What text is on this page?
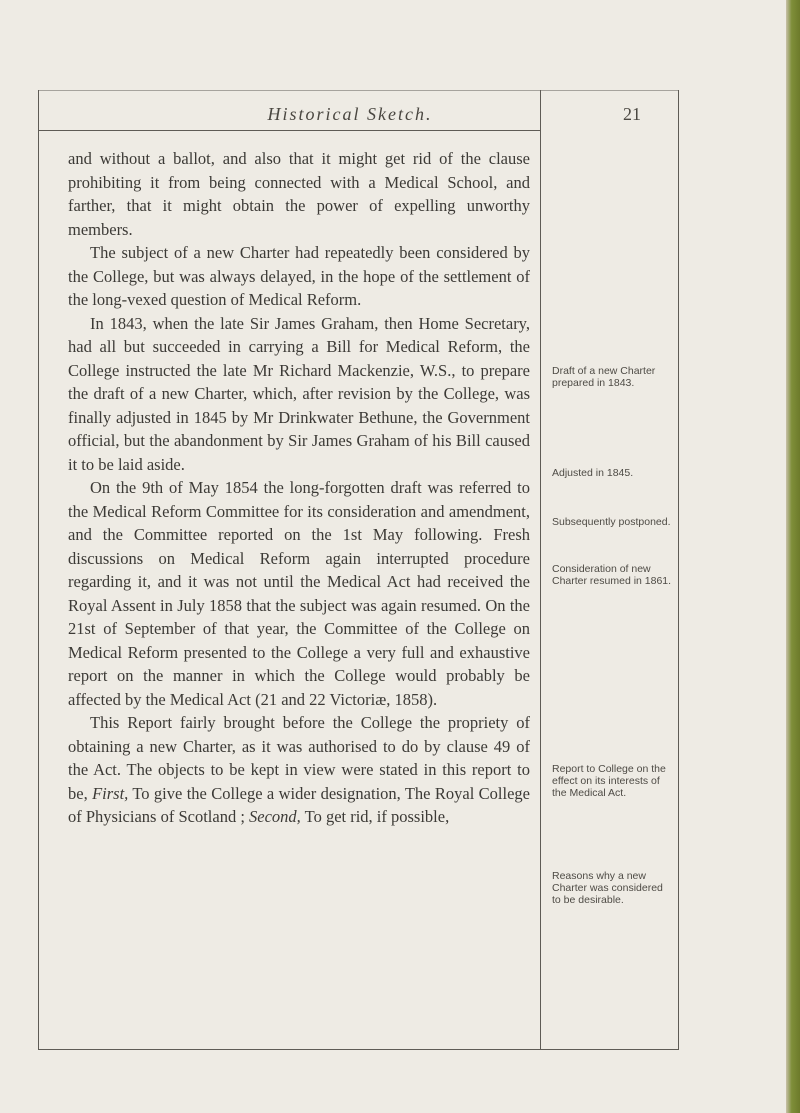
Historical Sketch.	21

and without a ballot, and also that it might get rid of the clause prohibiting it from being connected with a Medical School, and farther, that it might obtain the power of expelling unworthy members.

The subject of a new Charter had repeatedly been considered by the College, but was always delayed, in the hope of the settlement of the long-vexed question of Medical Reform.

In 1843, when the late Sir James Graham, then Home Secretary, had all but succeeded in carrying a Bill for Medical Reform, the College instructed the late Mr Richard Mackenzie, W.S., to prepare the draft of a new Charter, which, after revision by the College, was finally adjusted in 1845 by Mr Drinkwater Bethune, the Government official, but the abandonment by Sir James Graham of his Bill caused it to be laid aside.

On the 9th of May 1854 the long-forgotten draft was referred to the Medical Reform Committee for its consideration and amendment, and the Committee reported on the 1st May following. Fresh discussions on Medical Reform again interrupted procedure regarding it, and it was not until the Medical Act had received the Royal Assent in July 1858 that the subject was again resumed. On the 21st of September of that year, the Committee of the College on Medical Reform presented to the College a very full and exhaustive report on the manner in which the College would probably be affected by the Medical Act (21 and 22 Victoriæ, 1858).

This Report fairly brought before the College the propriety of obtaining a new Charter, as it was authorised to do by clause 49 of the Act. The objects to be kept in view were stated in this report to be, First, To give the College a wider designation, The Royal College of Physicians of Scotland ; Second, To get rid, if possible,

Draft of a new Charter prepared in 1843.
Adjusted in 1845.
Subsequently postponed.
Consideration of new Charter resumed in 1861.
Report to College on the effect on its interests of the Medical Act.
Reasons why a new Charter was considered to be desirable.
